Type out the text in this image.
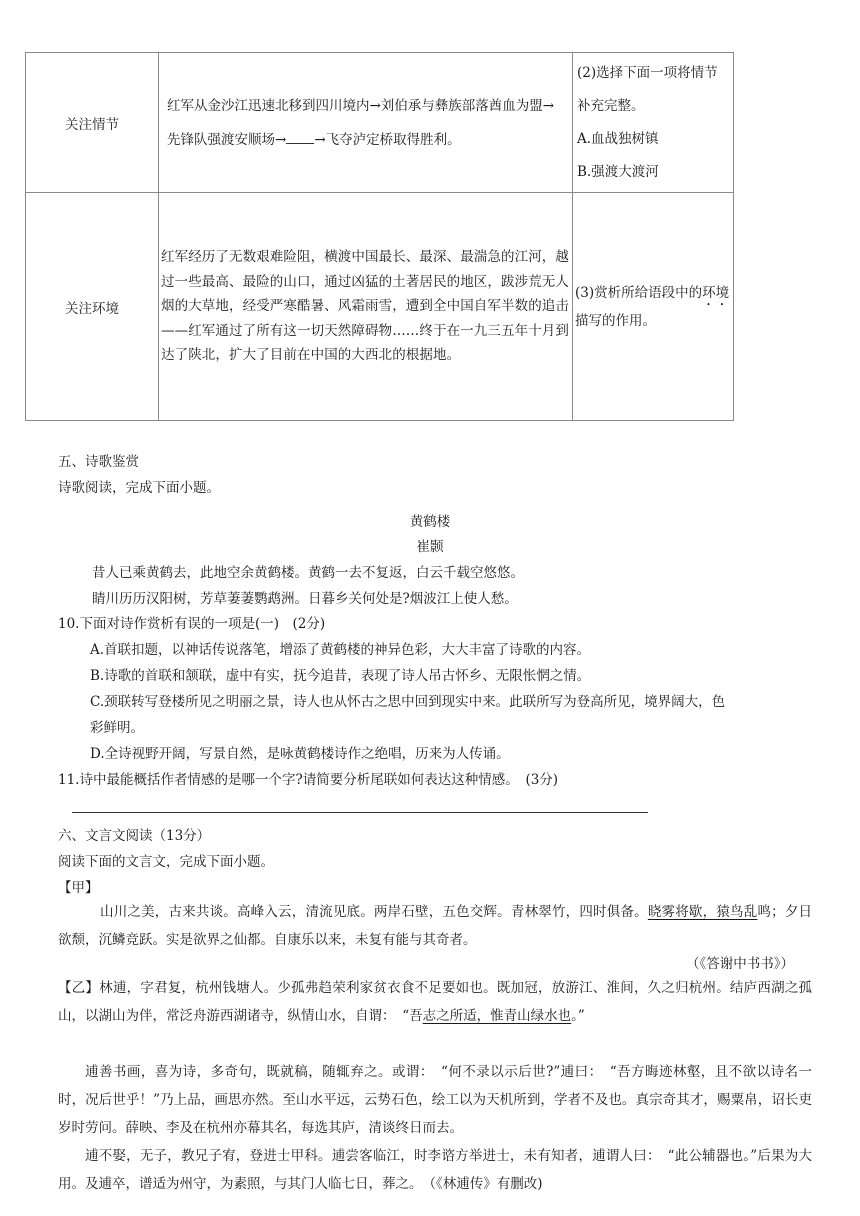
关注情节	红军从金沙江迅速北移到四川境内→刘伯承与彝族部落酋血为盟→先锋队强渡安顺场→ →飞夺泸定桥取得胜利。	(2)选择下面一项将情节补充完整。
A.血战独树镇
B.强渡大渡河

关注环境	红军经历了无数艰难险阻，横渡中国最长、最深、最湍急的江河，越过一些最高、最险的山口，通过凶猛的土著居民的地区，跋涉荒无人烟的大草地，经受严寒酷暑、风霜雨雪，遭到全中国自军半数的追击——红军通过了所有这一切天然障碍物……终于在一九三五年十月到达了陕北，扩大了目前在中国的大西北的根据地。	(3)赏析所给语段中的环境描写的作用。
五、诗歌鉴赏
诗歌阅读，完成下面小题。
黄鹤楼
崔颢
昔人已乘黄鹤去，此地空余黄鹤楼。黄鹤一去不复返，白云千载空悠悠。
睛川历历汉阳树，芳草萋萋鹦鹉洲。日暮乡关何处是?烟波江上使人愁。
10.下面对诗作赏析有误的一项是(一)　(2分)
A.首联扣题，以神话传说落笔，增添了黄鹤楼的神异色彩，大大丰富了诗歌的内容。
B.诗歌的首联和颔联，虚中有实，抚今追昔，表现了诗人吊古怀乡、无限怅惘之情。
C.颈联转写登楼所见之明丽之景，诗人也从怀古之思中回到现实中来。此联所写为登高所见，境界阔大，色
彩鲜明。
D.全诗视野开阔，写景自然，是咏黄鹤楼诗作之绝唱，历来为人传诵。
11.诗中最能概括作者情感的是哪一个字?请简要分析尾联如何表达这种情感。　(3分)
六、文言文阅读（13分）
阅读下面的文言文，完成下面小题。
【甲】
山川之美，古来共谈。高峰入云，清流见底。两岸石壁，五色交辉。青林翠竹，四时俱备。晓雾将歇，猿鸟乱鸣；夕日欲颓，沉鳞竞跃。实是欲界之仙都。自康乐以来，未复有能与其奇者。
（《答谢中书书》）
【乙】林逋，字君复，杭州钱塘人。少孤弗趋荣利家贫衣食不足要如也。既加冠，放游江、淮间，久之归杭州。结庐西湖之孤山，以湖山为伴，常泛舟游西湖诸寺，纵情山水，自谓：　“吾志之所适，惟青山绿水也。”
逋善书画，喜为诗，多奇句，既就稿，随辄弃之。或谓：　“何不录以示后世?”逋曰：　“吾方晦迹林壑，且不欲以诗名一时，况后世乎！”乃上品，画思亦然。至山水平远，云势石色，绘工以为天机所到，学者不及也。真宗奇其才，赐粟帛，诏长吏岁时劳问。薛映、李及在杭州亦幕其名，每选其庐，清谈终日而去。
逋不娶，无子，教兄子宥，登进士甲科。逋尝客临江，时李谘方举进士，未有知者，逋谓人曰：　“此公辅器也。”后果为大用。及逋卒，谱适为州守，为素照，与其门人临七日，葬之。　（《林逋传》有删改)
